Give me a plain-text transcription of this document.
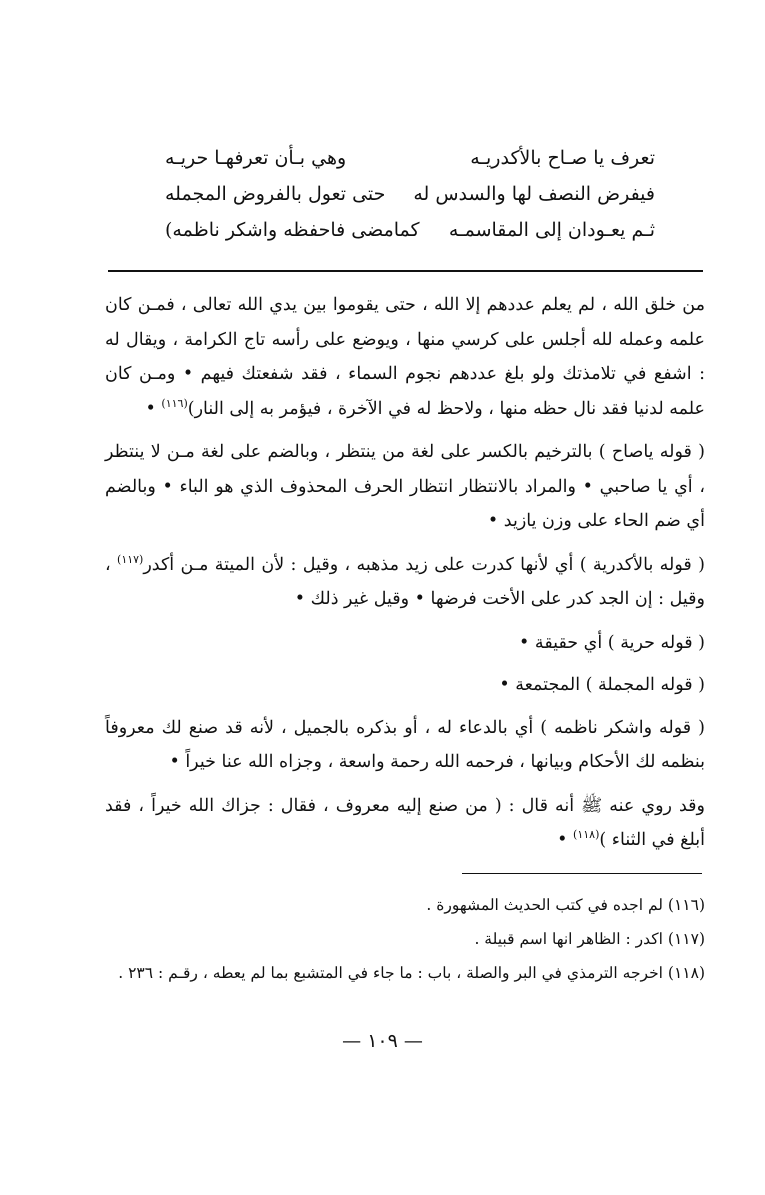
تعرف يا صـاح بالأكدريـه
وهي بـأن تعرفهـا حريـه
فيفرض النصف لها والسدس له
حتى تعول بالفروض المجمله
ثـم يعـودان إلى المقاسمـه
كمامضى فاحفظه واشكر ناظمه)

من خلق الله ، لم يعلم عددهم إلا الله ، حتى يقوموا بين يدي الله تعالى ، فمـن كان علمه وعمله لله أجلس على كرسي منها ، ويوضع على رأسه تاج الكرامة ، ويقال له : اشفع في تلامذتك ولو بلغ عددهم نجوم السماء ، فقد شفعتك فيهم • ومـن كان علمه لدنيا فقد نال حظه منها ، ولاحظ له في الآخرة ، فيؤمر به إلى النار)$^{(١١٦)}$ •

( قوله ياصاح ) بالترخيم بالكسر على لغة من ينتظر ، وبالضم على لغة مـن لا ينتظر ، أي يا صاحبي • والمراد بالانتظار انتظار الحرف المحذوف الذي هو الباء • وبالضم أي ضم الحاء على وزن يازيد •

( قوله بالأكدرية ) أي لأنها كدرت على زيد مذهبه ، وقيل : لأن الميتة مـن أكدر$^{(١١٧)}$ ، وقيل : إن الجد كدر على الأخت فرضها • وقيل غير ذلك •

( قوله حرية ) أي حقيقة •

( قوله المجملة ) المجتمعة •

( قوله واشكر ناظمه ) أي بالدعاء له ، أو بذكره بالجميل ، لأنه قد صنع لك معروفاً بنظمه لك الأحكام وبيانها ، فرحمه الله رحمة واسعة ، وجزاه الله عنا خيراً •

وقد روي عنه ﷺ أنه قال : ( من صنع إليه معروف ، فقال : جزاك الله خيراً ، فقد أبلغ في الثناء )$^{(١١٨)}$ •

(١١٦) لم اجده في كتب الحديث المشهورة .

(١١٧) اكدر : الظاهر انها اسم قبيلة .

(١١٨) اخرجه الترمذي في البر والصلة ، باب : ما جاء في المتشبع بما لم يعطه ، رقـم : ٢٣٦ .

— ١٠٩ —
